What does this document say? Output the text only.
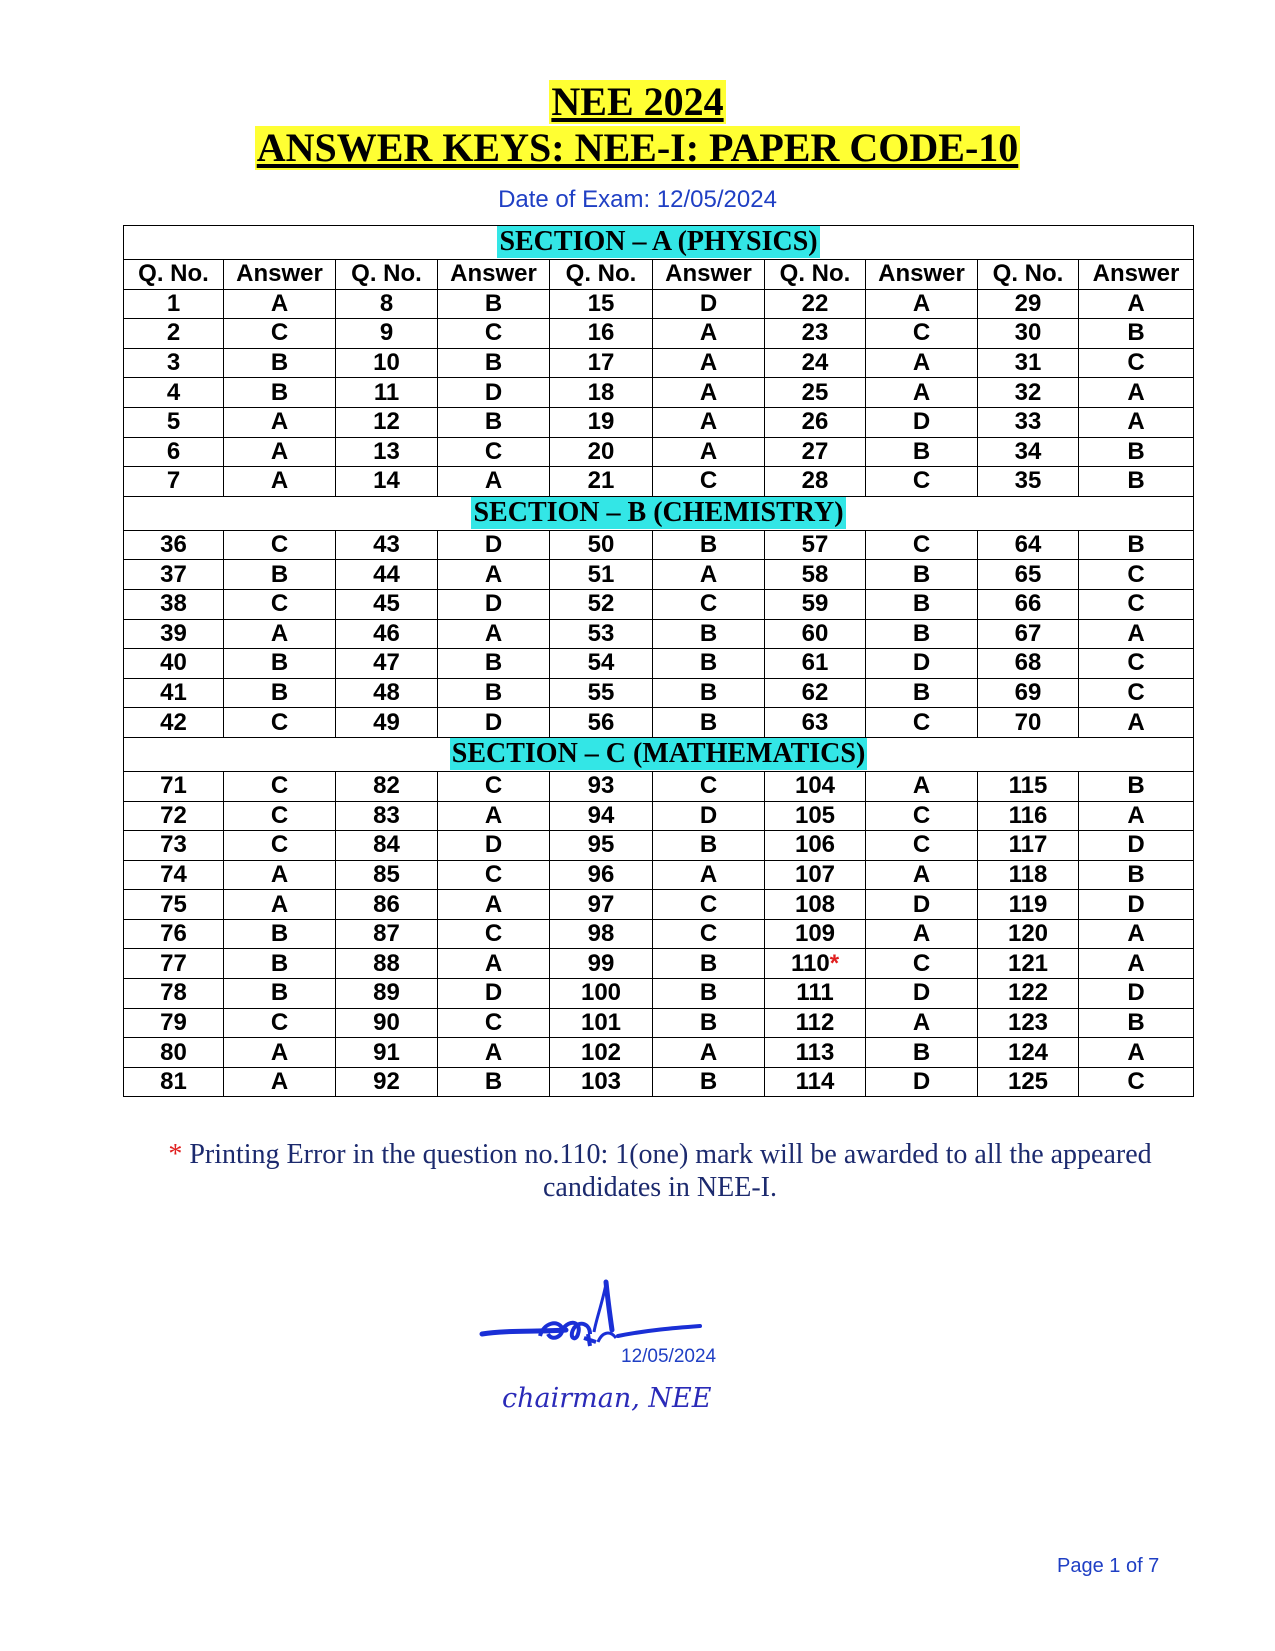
NEE 2024
ANSWER KEYS: NEE-I: PAPER CODE-10
Date of Exam: 12/05/2024
SECTION – A (PHYSICS)									
Q. No.	Answer	Q. No.	Answer	Q. No.	Answer	Q. No.	Answer	Q. No.	Answer
1	A	8	B	15	D	22	A	29	A
2	C	9	C	16	A	23	C	30	B
3	B	10	B	17	A	24	A	31	C
4	B	11	D	18	A	25	A	32	A
5	A	12	B	19	A	26	D	33	A
6	A	13	C	20	A	27	B	34	B
7	A	14	A	21	C	28	C	35	B
SECTION – B (CHEMISTRY)									
36	C	43	D	50	B	57	C	64	B
37	B	44	A	51	A	58	B	65	C
38	C	45	D	52	C	59	B	66	C
39	A	46	A	53	B	60	B	67	A
40	B	47	B	54	B	61	D	68	C
41	B	48	B	55	B	62	B	69	C
42	C	49	D	56	B	63	C	70	A
SECTION – C (MATHEMATICS)									
71	C	82	C	93	C	104	A	115	B
72	C	83	A	94	D	105	C	116	A
73	C	84	D	95	B	106	C	117	D
74	A	85	C	96	A	107	A	118	B
75	A	86	A	97	C	108	D	119	D
76	B	87	C	98	C	109	A	120	A
77	B	88	A	99	B	110*	C	121	A
78	B	89	D	100	B	111	D	122	D
79	C	90	C	101	B	112	A	123	B
80	A	91	A	102	A	113	B	124	A
81	A	92	B	103	B	114	D	125	C
* Printing Error in the question no.110: 1(one) mark will be awarded to all the appeared candidates in NEE-I.
12/05/2024
chairman, NEE
Page 1 of 7
